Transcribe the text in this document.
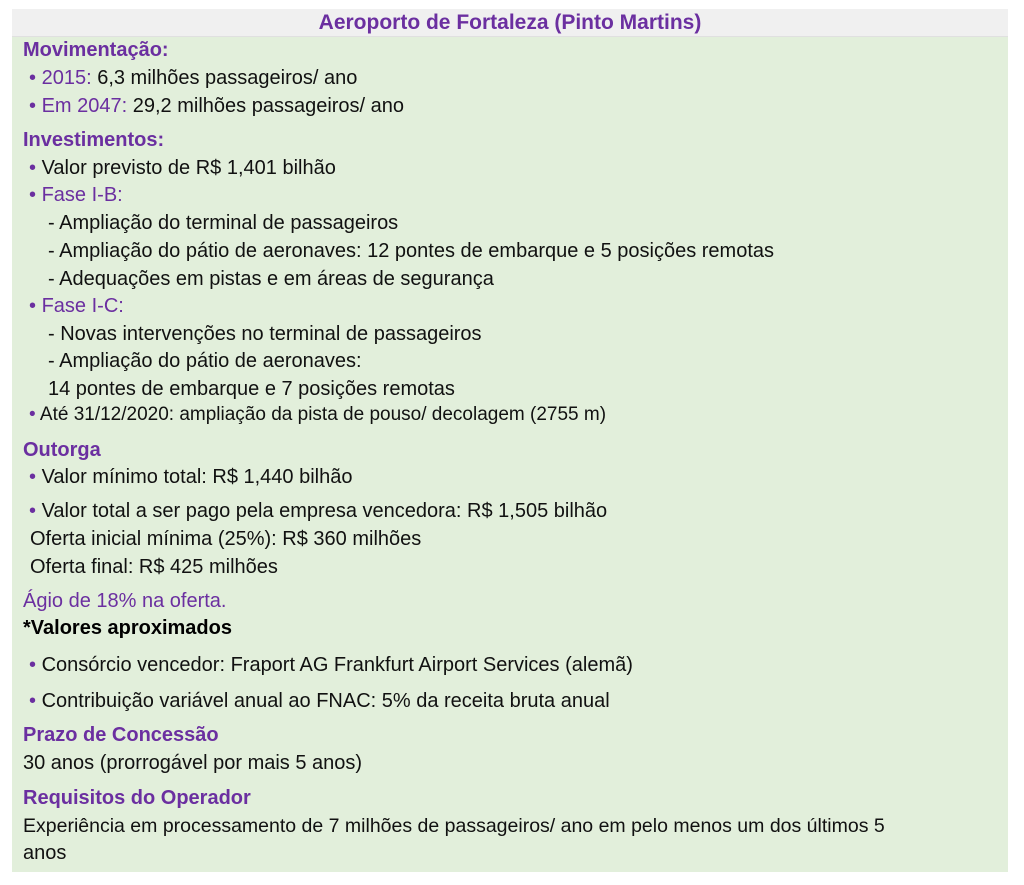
Aeroporto de Fortaleza (Pinto Martins)
Movimentação:
• 2015: 6,3 milhões passageiros/ ano
• Em 2047: 29,2 milhões passageiros/ ano
Investimentos:
• Valor previsto de R$ 1,401 bilhão
• Fase I-B:
- Ampliação do terminal de passageiros
- Ampliação do pátio de aeronaves: 12 pontes de embarque e 5 posições remotas
- Adequações em pistas e em áreas de segurança
• Fase I-C:
- Novas intervenções no terminal de passageiros
- Ampliação do pátio de aeronaves:
14 pontes de embarque e 7 posições remotas
• Até 31/12/2020: ampliação da pista de pouso/ decolagem (2755 m)
Outorga
• Valor mínimo total: R$ 1,440 bilhão
• Valor total a ser pago pela empresa vencedora: R$ 1,505 bilhão
Oferta inicial mínima (25%): R$ 360 milhões
Oferta final: R$ 425 milhões
Ágio de 18% na oferta.
*Valores aproximados
• Consórcio vencedor: Fraport AG Frankfurt Airport Services (alemã)
• Contribuição variável anual ao FNAC: 5% da receita bruta anual
Prazo de Concessão
30 anos (prorrogável por mais 5 anos)
Requisitos do Operador
Experiência em processamento de 7 milhões de passageiros/ ano em pelo menos um dos últimos 5
anos
